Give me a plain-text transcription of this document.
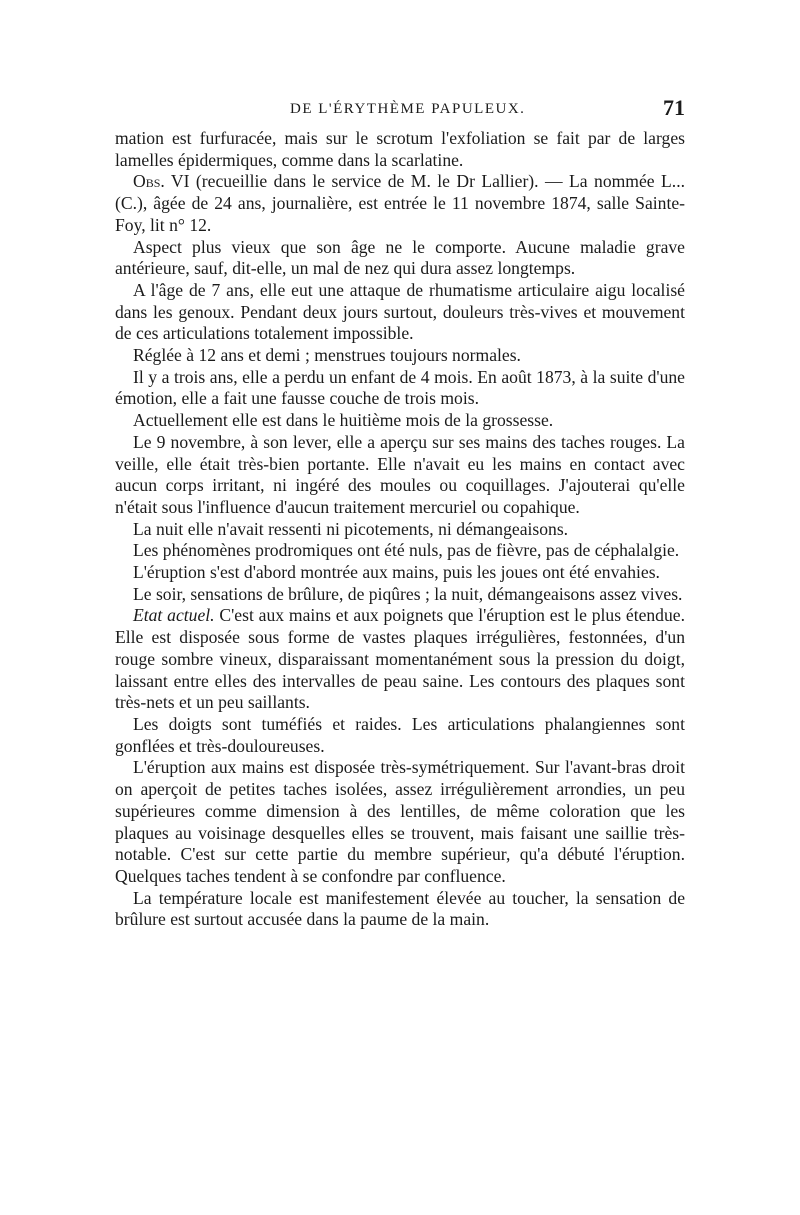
DE L'ÉRYTHÈME PAPULEUX.	71

mation est furfuracée, mais sur le scrotum l'exfoliation se fait par de larges lamelles épidermiques, comme dans la scarlatine.

Obs. VI (recueillie dans le service de M. le Dr Lallier). — La nommée L... (C.), âgée de 24 ans, journalière, est entrée le 11 novembre 1874, salle Sainte-Foy, lit n° 12.

Aspect plus vieux que son âge ne le comporte. Aucune maladie grave antérieure, sauf, dit-elle, un mal de nez qui dura assez longtemps.

A l'âge de 7 ans, elle eut une attaque de rhumatisme articulaire aigu localisé dans les genoux. Pendant deux jours surtout, douleurs très-vives et mouvement de ces articulations totalement impossible.

Réglée à 12 ans et demi ; menstrues toujours normales.

Il y a trois ans, elle a perdu un enfant de 4 mois. En août 1873, à la suite d'une émotion, elle a fait une fausse couche de trois mois.

Actuellement elle est dans le huitième mois de la grossesse.

Le 9 novembre, à son lever, elle a aperçu sur ses mains des taches rouges. La veille, elle était très-bien portante. Elle n'avait eu les mains en contact avec aucun corps irritant, ni ingéré des moules ou coquillages. J'ajouterai qu'elle n'était sous l'influence d'aucun traitement mercuriel ou copahique.

La nuit elle n'avait ressenti ni picotements, ni démangeaisons.

Les phénomènes prodromiques ont été nuls, pas de fièvre, pas de céphalalgie.

L'éruption s'est d'abord montrée aux mains, puis les joues ont été envahies.

Le soir, sensations de brûlure, de piqûres ; la nuit, démangeaisons assez vives.

Etat actuel. C'est aux mains et aux poignets que l'éruption est le plus étendue. Elle est disposée sous forme de vastes plaques irrégulières, festonnées, d'un rouge sombre vineux, disparaissant momentanément sous la pression du doigt, laissant entre elles des intervalles de peau saine. Les contours des plaques sont très-nets et un peu saillants.

Les doigts sont tuméfiés et raides. Les articulations phalangiennes sont gonflées et très-douloureuses.

L'éruption aux mains est disposée très-symétriquement. Sur l'avant-bras droit on aperçoit de petites taches isolées, assez irrégulièrement arrondies, un peu supérieures comme dimension à des lentilles, de même coloration que les plaques au voisinage desquelles elles se trouvent, mais faisant une saillie très-notable. C'est sur cette partie du membre supérieur, qu'a débuté l'éruption. Quelques taches tendent à se confondre par confluence.

La température locale est manifestement élevée au toucher, la sensation de brûlure est surtout accusée dans la paume de la main.
